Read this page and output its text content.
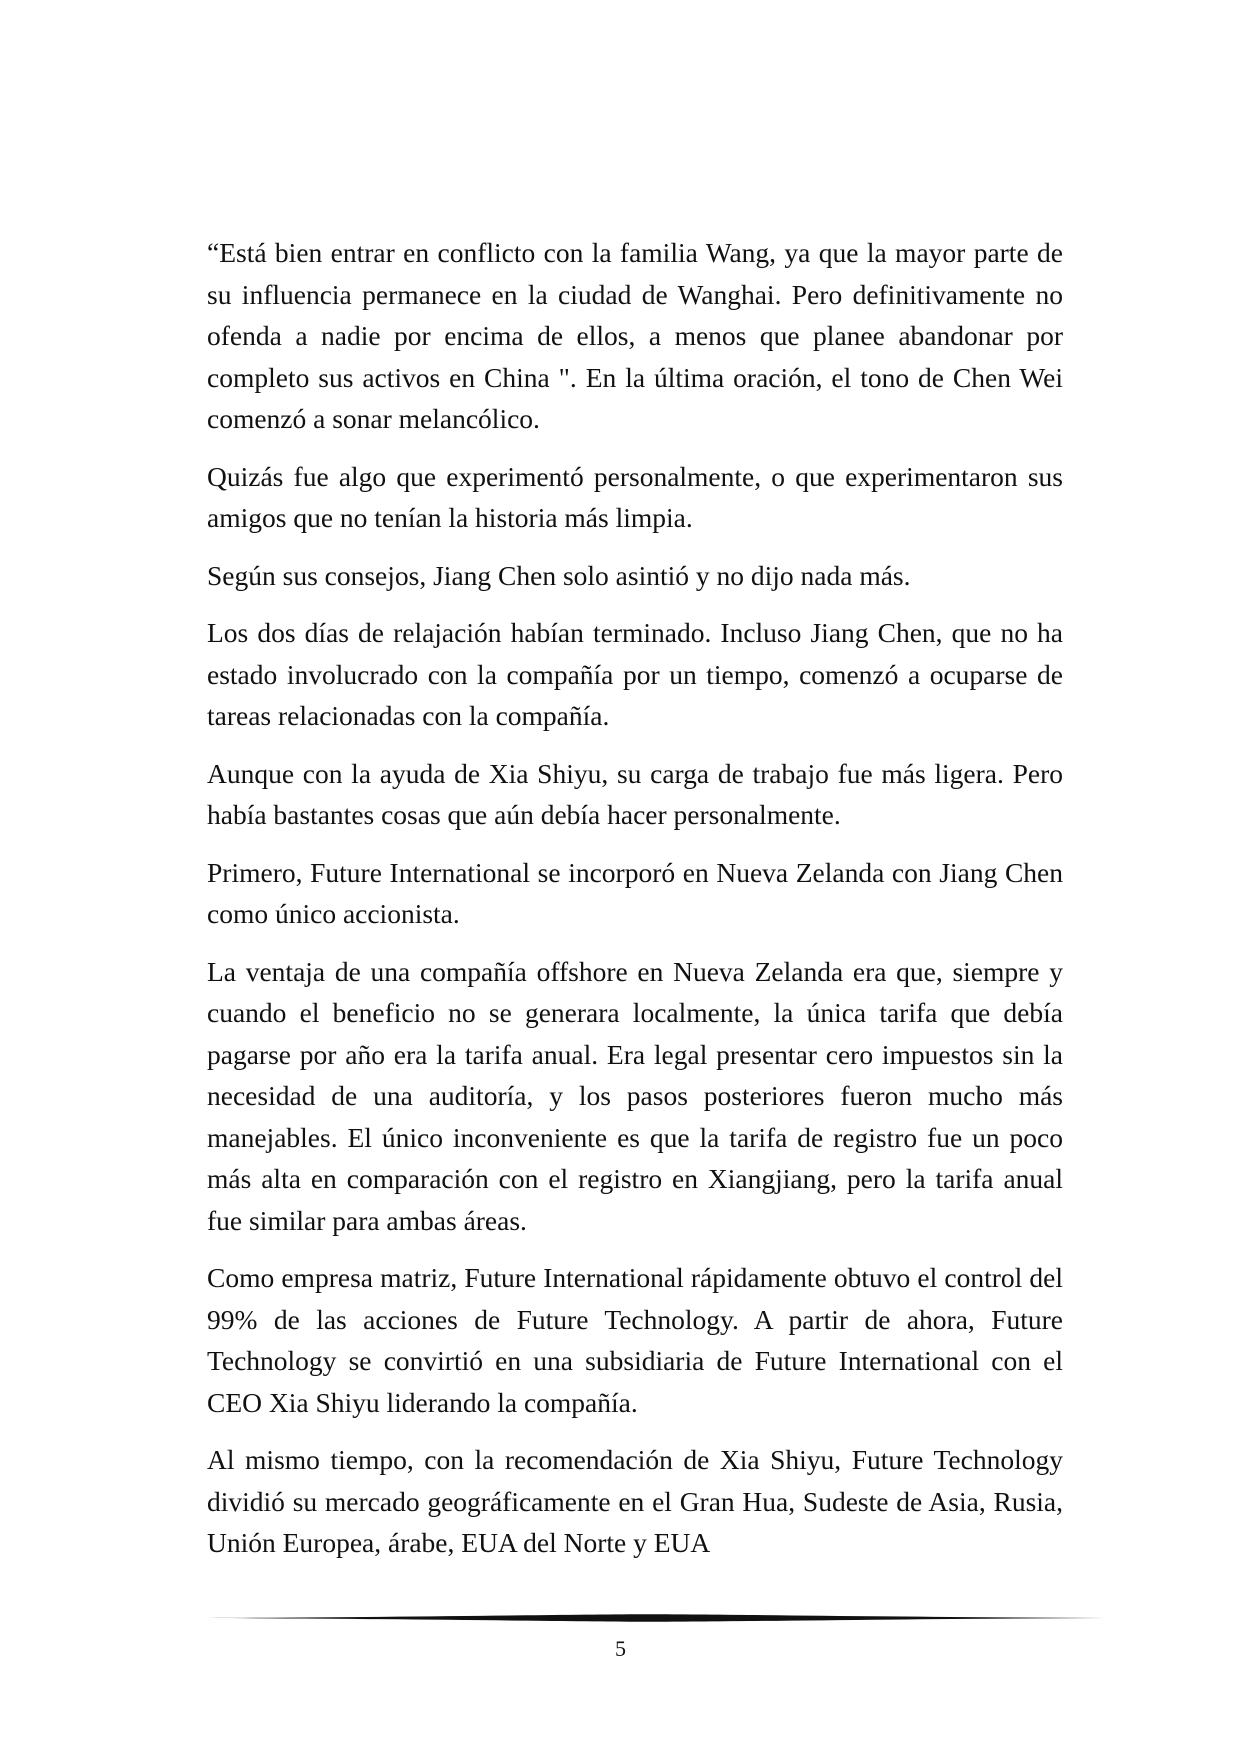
“Está bien entrar en conflicto con la familia Wang, ya que la mayor parte de su influencia permanece en la ciudad de Wanghai. Pero definitivamente no ofenda a nadie por encima de ellos, a menos que planee abandonar por completo sus activos en China ". En la última oración, el tono de Chen Wei comenzó a sonar melancólico.

Quizás fue algo que experimentó personalmente, o que experimentaron sus amigos que no tenían la historia más limpia.

Según sus consejos, Jiang Chen solo asintió y no dijo nada más.

Los dos días de relajación habían terminado. Incluso Jiang Chen, que no ha estado involucrado con la compañía por un tiempo, comenzó a ocuparse de tareas relacionadas con la compañía.

Aunque con la ayuda de Xia Shiyu, su carga de trabajo fue más ligera. Pero había bastantes cosas que aún debía hacer personalmente.

Primero, Future International se incorporó en Nueva Zelanda con Jiang Chen como único accionista.

La ventaja de una compañía offshore en Nueva Zelanda era que, siempre y cuando el beneficio no se generara localmente, la única tarifa que debía pagarse por año era la tarifa anual. Era legal presentar cero impuestos sin la necesidad de una auditoría, y los pasos posteriores fueron mucho más manejables. El único inconveniente es que la tarifa de registro fue un poco más alta en comparación con el registro en Xiangjiang, pero la tarifa anual fue similar para ambas áreas.

Como empresa matriz, Future International rápidamente obtuvo el control del 99% de las acciones de Future Technology. A partir de ahora, Future Technology se convirtió en una subsidiaria de Future International con el CEO Xia Shiyu liderando la compañía.

Al mismo tiempo, con la recomendación de Xia Shiyu, Future Technology dividió su mercado geográficamente en el Gran Hua, Sudeste de Asia, Rusia, Unión Europea, árabe, EUA del Norte y EUA

5
